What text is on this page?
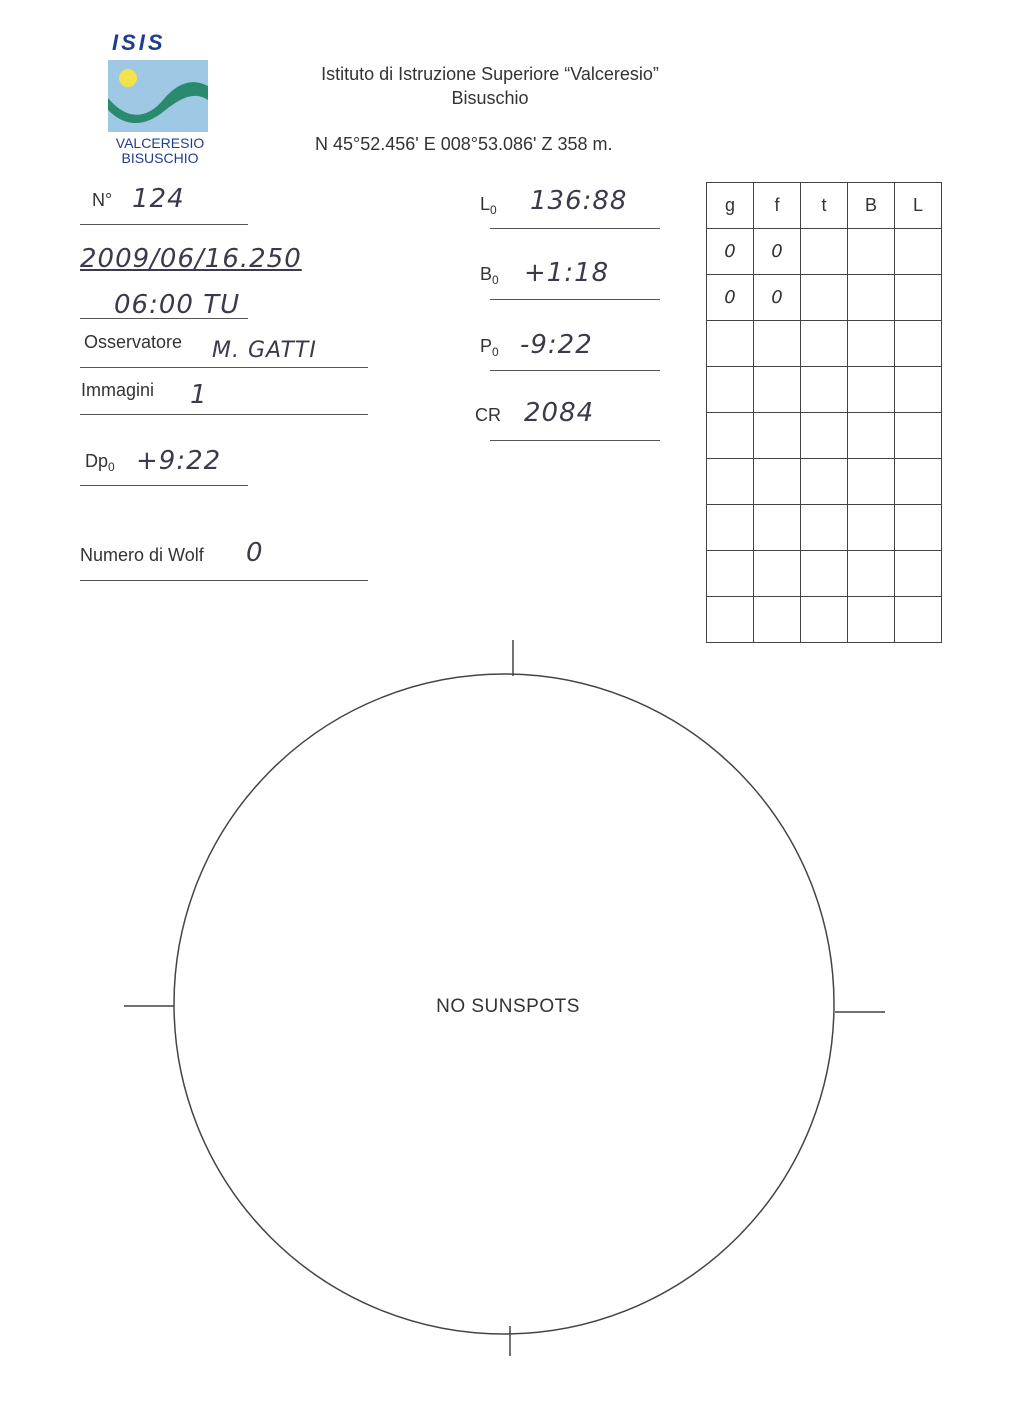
ISIS
VALCERESIO
BISUSCHIO
Istituto di Istruzione Superiore “Valceresio”
Bisuschio
N 45°52.456' E 008°53.086' Z 358 m.
N° 124
2009/06/16.250
06:00 TU
Osservatore M. GATTI
Immagini 1
$Dp_0$ +9:22
Numero di Wolf 0
$L_0$ 136:88
$B_0$ +1:18
$P_0$ -9:22
CR 2084
g	f	t	B	L
0	0			
0	0			

NO SUNSPOTS
